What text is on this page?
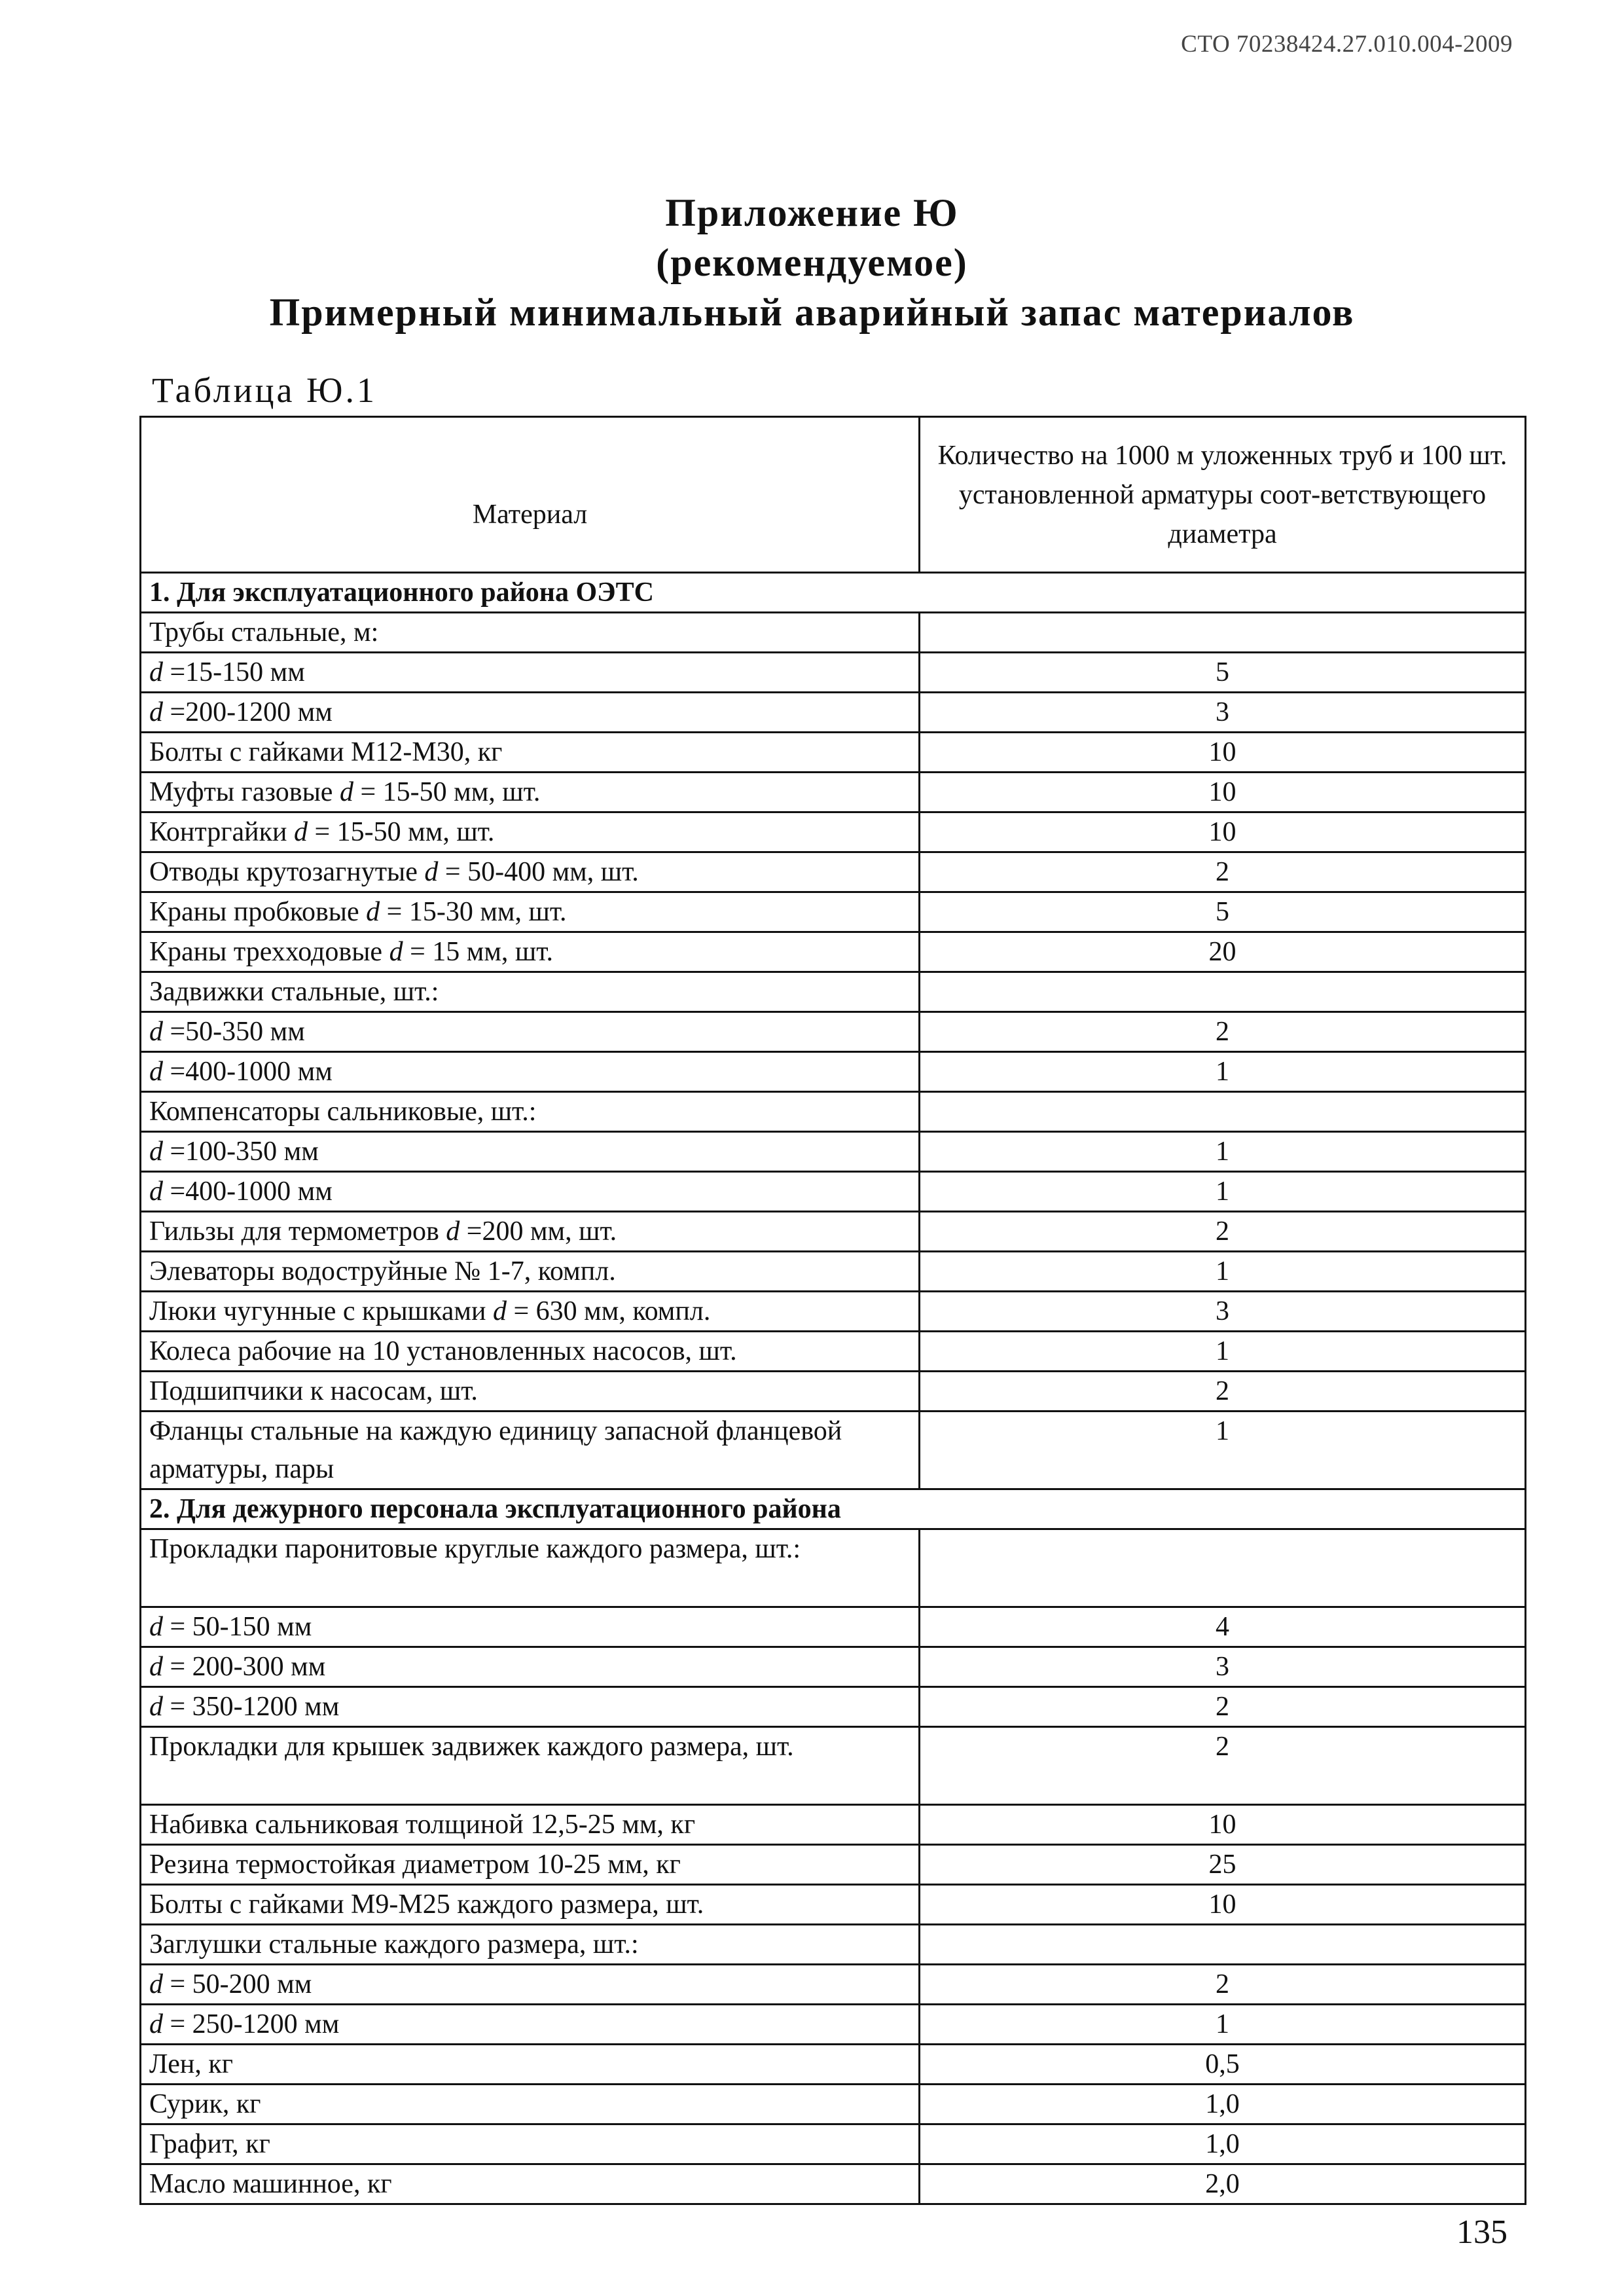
СТО 70238424.27.010.004-2009
Приложение Ю
(рекомендуемое)
Примерный минимальный аварийный запас материалов
Таблица Ю.1
Материал	Количество на 1000 м уложенных труб и 100 шт. установленной арматуры соот-ветствующего диаметра
1. Для эксплуатационного района ОЭТС	
Трубы стальные, м:	
d =15-150 мм	5
d =200-1200 мм	3
Болты с гайками М12-М30, кг	10
Муфты газовые d = 15-50 мм, шт.	10
Контргайки d = 15-50 мм, шт.	10
Отводы крутозагнутые d = 50-400 мм, шт.	2
Краны пробковые d = 15-30 мм, шт.	5
Краны трехходовые d = 15 мм, шт.	20
Задвижки стальные, шт.:	
d =50-350 мм	2
d =400-1000 мм	1
Компенсаторы сальниковые, шт.:	
d =100-350 мм	1
d =400-1000 мм	1
Гильзы для термометров d =200 мм, шт.	2
Элеваторы водоструйные № 1-7, компл.	1
Люки чугунные с крышками d = 630 мм, компл.	3
Колеса рабочие на 10 установленных насосов, шт.	1
Подшипчики к насосам, шт.	2
Фланцы стальные на каждую единицу запасной фланцевой арматуры, пары	1
2. Для дежурного персонала эксплуатационного района	
Прокладки паронитовые круглые каждого размера, шт.:	
d = 50-150 мм	4
d = 200-300 мм	3
d = 350-1200 мм	2
Прокладки для крышек задвижек каждого размера, шт.	2
Набивка сальниковая толщиной 12,5-25 мм, кг	10
Резина термостойкая диаметром 10-25 мм, кг	25
Болты с гайками М9-М25 каждого размера, шт.	10
Заглушки стальные каждого размера, шт.:	
d = 50-200 мм	2
d = 250-1200 мм	1
Лен, кг	0,5
Сурик, кг	1,0
Графит, кг	1,0
Масло машинное, кг	2,0
135
